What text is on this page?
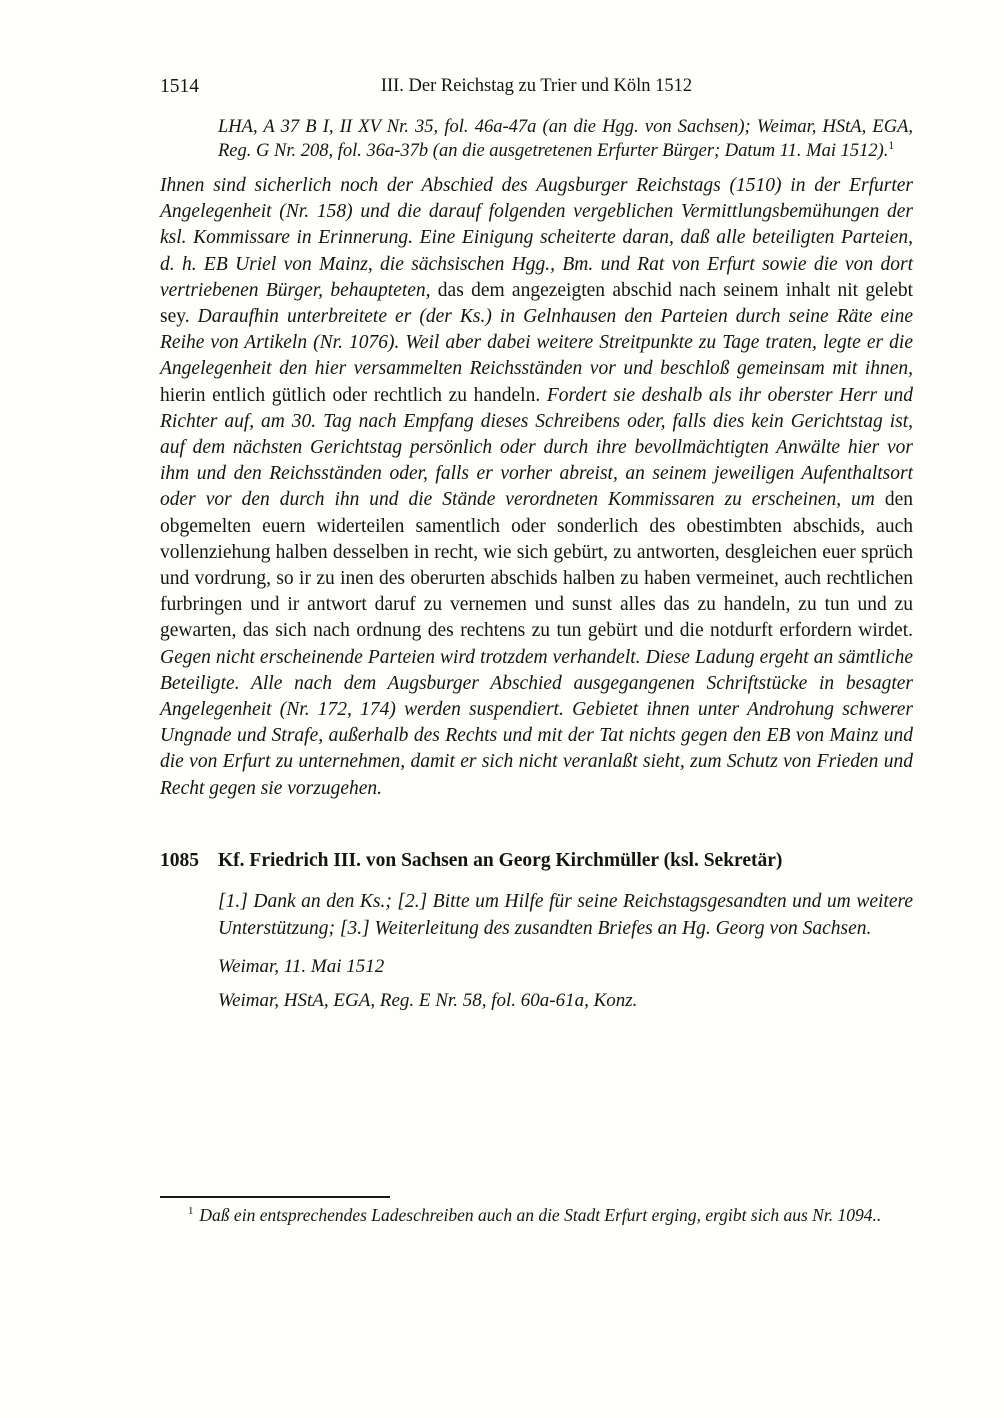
1514	III. Der Reichstag zu Trier und Köln 1512

LHA, A 37 B I, II XV Nr. 35, fol. 46a-47a (an die Hgg. von Sachsen); Weimar, HStA, EGA, Reg. G Nr. 208, fol. 36a-37b (an die ausgetretenen Erfurter Bürger; Datum 11. Mai 1512).$^1$

Ihnen sind sicherlich noch der Abschied des Augsburger Reichstags (1510) in der Erfurter Angelegenheit (Nr. 158) und die darauf folgenden vergeblichen Vermittlungsbemühungen der ksl. Kommissare in Erinnerung. Eine Einigung scheiterte daran, daß alle beteiligten Parteien, d. h. EB Uriel von Mainz, die sächsischen Hgg., Bm. und Rat von Erfurt sowie die von dort vertriebenen Bürger, behaupteten, das dem angezeigten abschid nach seinem inhalt nit gelebt sey. Daraufhin unterbreitete er (der Ks.) in Gelnhausen den Parteien durch seine Räte eine Reihe von Artikeln (Nr. 1076). Weil aber dabei weitere Streitpunkte zu Tage traten, legte er die Angelegenheit den hier versammelten Reichsständen vor und beschloß gemeinsam mit ihnen, hierin entlich gütlich oder rechtlich zu handeln. Fordert sie deshalb als ihr oberster Herr und Richter auf, am 30. Tag nach Empfang dieses Schreibens oder, falls dies kein Gerichtstag ist, auf dem nächsten Gerichtstag persönlich oder durch ihre bevollmächtigten Anwälte hier vor ihm und den Reichsständen oder, falls er vorher abreist, an seinem jeweiligen Aufenthaltsort oder vor den durch ihn und die Stände verordneten Kommissaren zu erscheinen, um den obgemelten euern widerteilen samentlich oder sonderlich des obestimbten abschids, auch vollenziehung halben desselben in recht, wie sich gebürt, zu antworten, desgleichen euer sprüch und vordrung, so ir zu inen des oberurten abschids halben zu haben vermeinet, auch rechtlichen furbringen und ir antwort daruf zu vernemen und sunst alles das zu handeln, zu tun und zu gewarten, das sich nach ordnung des rechtens zu tun gebürt und die notdurft erfordern wirdet. Gegen nicht erscheinende Parteien wird trotzdem verhandelt. Diese Ladung ergeht an sämtliche Beteiligte. Alle nach dem Augsburger Abschied ausgegangenen Schriftstücke in besagter Angelegenheit (Nr. 172, 174) werden suspendiert. Gebietet ihnen unter Androhung schwerer Ungnade und Strafe, außerhalb des Rechts und mit der Tat nichts gegen den EB von Mainz und die von Erfurt zu unternehmen, damit er sich nicht veranlaßt sieht, zum Schutz von Frieden und Recht gegen sie vorzugehen.

1085 Kf. Friedrich III. von Sachsen an Georg Kirchmüller (ksl. Sekretär)

[1.] Dank an den Ks.; [2.] Bitte um Hilfe für seine Reichstagsgesandten und um weitere Unterstützung; [3.] Weiterleitung des zusandten Briefes an Hg. Georg von Sachsen.

Weimar, 11. Mai 1512

Weimar, HStA, EGA, Reg. E Nr. 58, fol. 60a-61a, Konz.

$^1$ Daß ein entsprechendes Ladeschreiben auch an die Stadt Erfurt erging, ergibt sich aus Nr. 1094..
